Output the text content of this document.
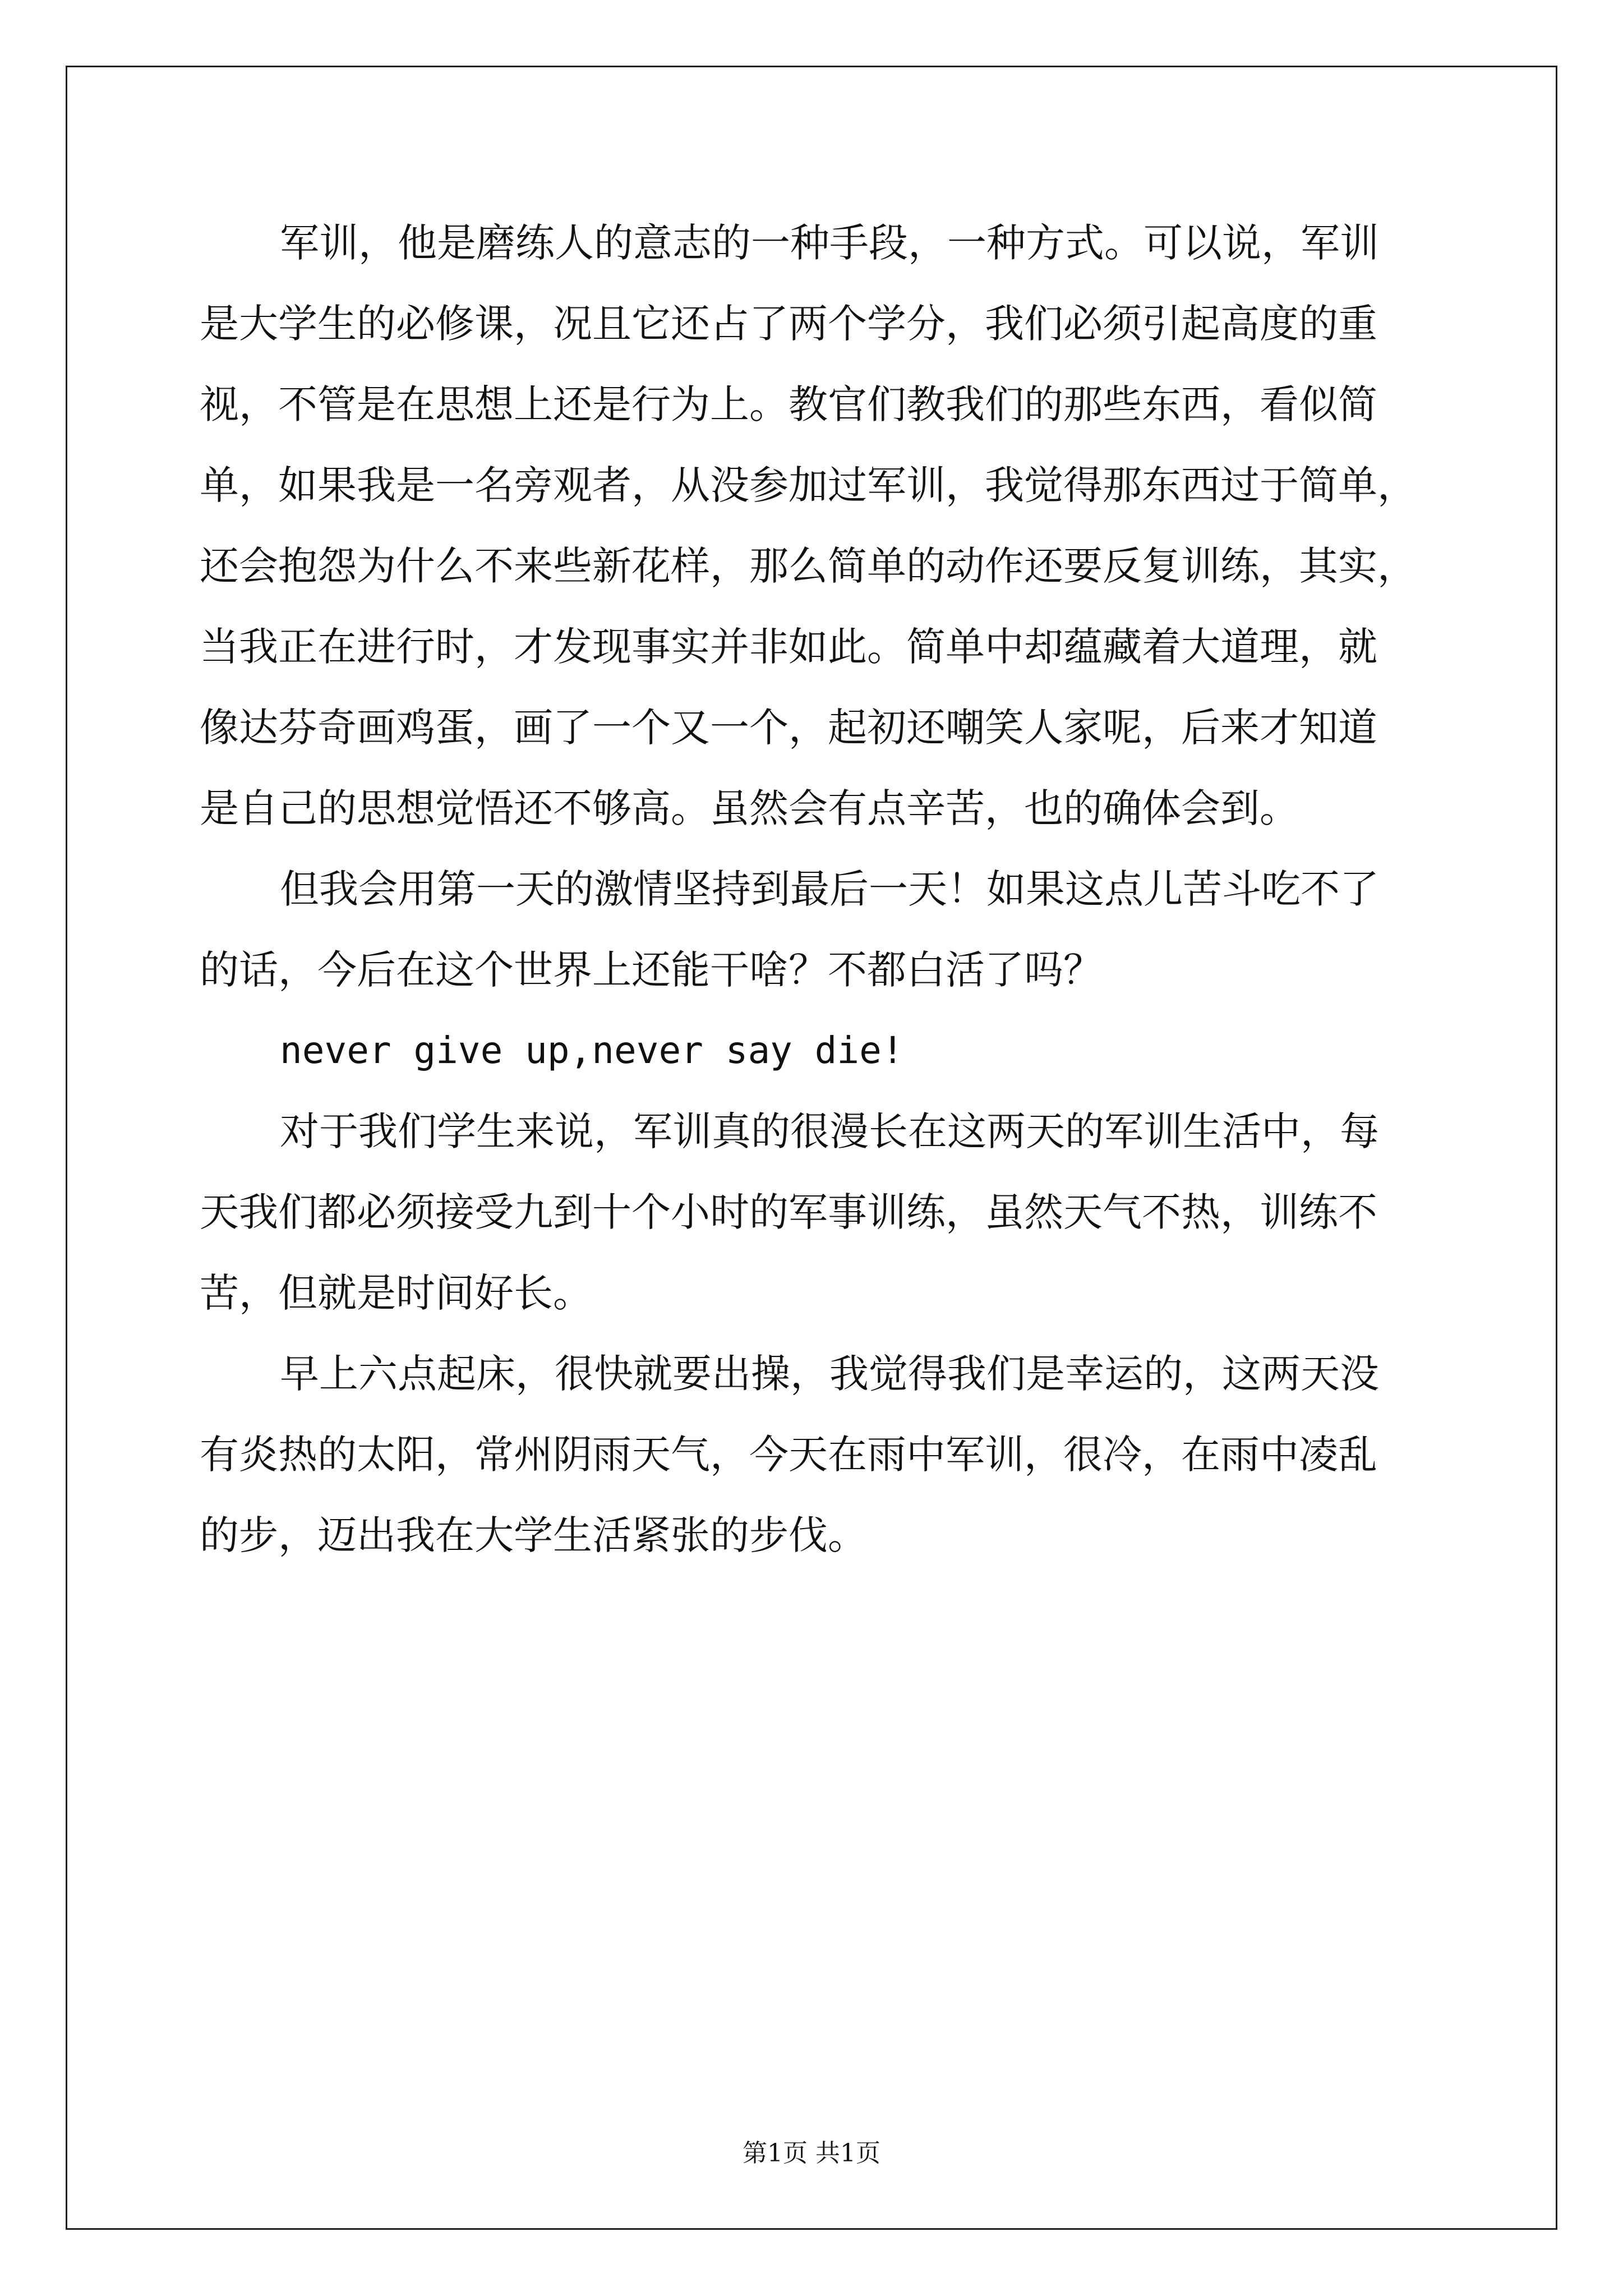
军训，他是磨练人的意志的一种手段，一种方式。可以说，军训
是大学生的必修课，况且它还占了两个学分，我们必须引起高度的重
视，不管是在思想上还是行为上。教官们教我们的那些东西，看似简
单，如果我是一名旁观者，从没参加过军训，我觉得那东西过于简单，
还会抱怨为什么不来些新花样，那么简单的动作还要反复训练，其实，
当我正在进行时，才发现事实并非如此。简单中却蕴藏着大道理，就
像达芬奇画鸡蛋，画了一个又一个，起初还嘲笑人家呢，后来才知道
是自己的思想觉悟还不够高。虽然会有点辛苦，也的确体会到。
但我会用第一天的激情坚持到最后一天！如果这点儿苦斗吃不了
的话，今后在这个世界上还能干啥？不都白活了吗？
never give up,never say die!
对于我们学生来说，军训真的很漫长在这两天的军训生活中，每
天我们都必须接受九到十个小时的军事训练，虽然天气不热，训练不
苦，但就是时间好长。
早上六点起床，很快就要出操，我觉得我们是幸运的，这两天没
有炎热的太阳，常州阴雨天气，今天在雨中军训，很冷，在雨中凌乱
的步，迈出我在大学生活紧张的步伐。
第1页 共1页
